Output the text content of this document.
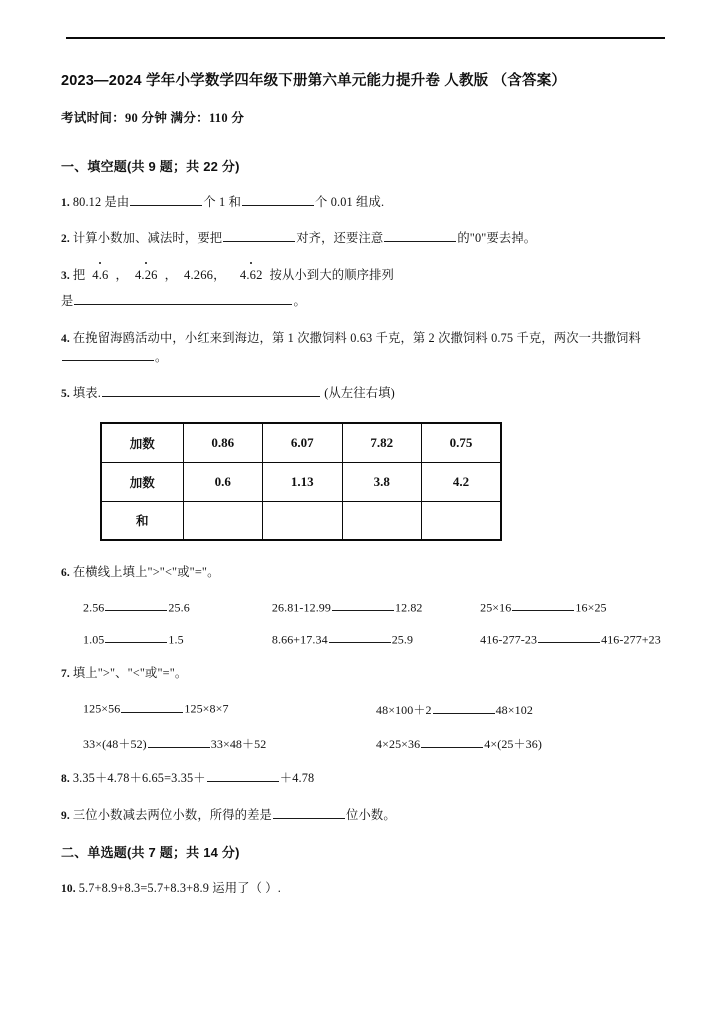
2023—2024 学年小学数学四年级下册第六单元能力提升卷 人教版 （含答案）
考试时间：90 分钟 满分：110 分
一、填空题(共 9 题；共 22 分)
1. 80.12 是由	个 1 和	个 0.01 组成.
2. 计算小数加、减法时，要把	对齐，还要注意	的"0"要去掉。
3. 把 4.6 ， 4.26 ， 4.266， 4.62 按从小到大的顺序排列
是	。
4. 在挽留海鸥活动中，小红来到海边，第 1 次撒饲料 0.63 千克，第 2 次撒饲料 0.75 千克，两次一共撒饲料。
5. 填表.	(从左往右填)
加数	0.86	6.07	7.82	0.75
加数	0.6	1.13	3.8	4.2
和				
6. 在横线上填上">"<"或"="。
2.56	25.6	26.81-12.99	12.82	25×16	16×25
1.05	1.5	8.66+17.34	25.9	416-277-23	416-277+23
7. 填上">"、"<"或"="。
125×56	125×8×7	48×100＋2	48×102
33×(48＋52)	33×48＋52	4×25×36	4×(25＋36)
8. 3.35＋4.78＋6.65=3.35＋	＋4.78
9. 三位小数减去两位小数，所得的差是	位小数。
二、单选题(共 7 题；共 14 分)
10. 5.7+8.9+8.3=5.7+8.3+8.9 运用了（ ）.
